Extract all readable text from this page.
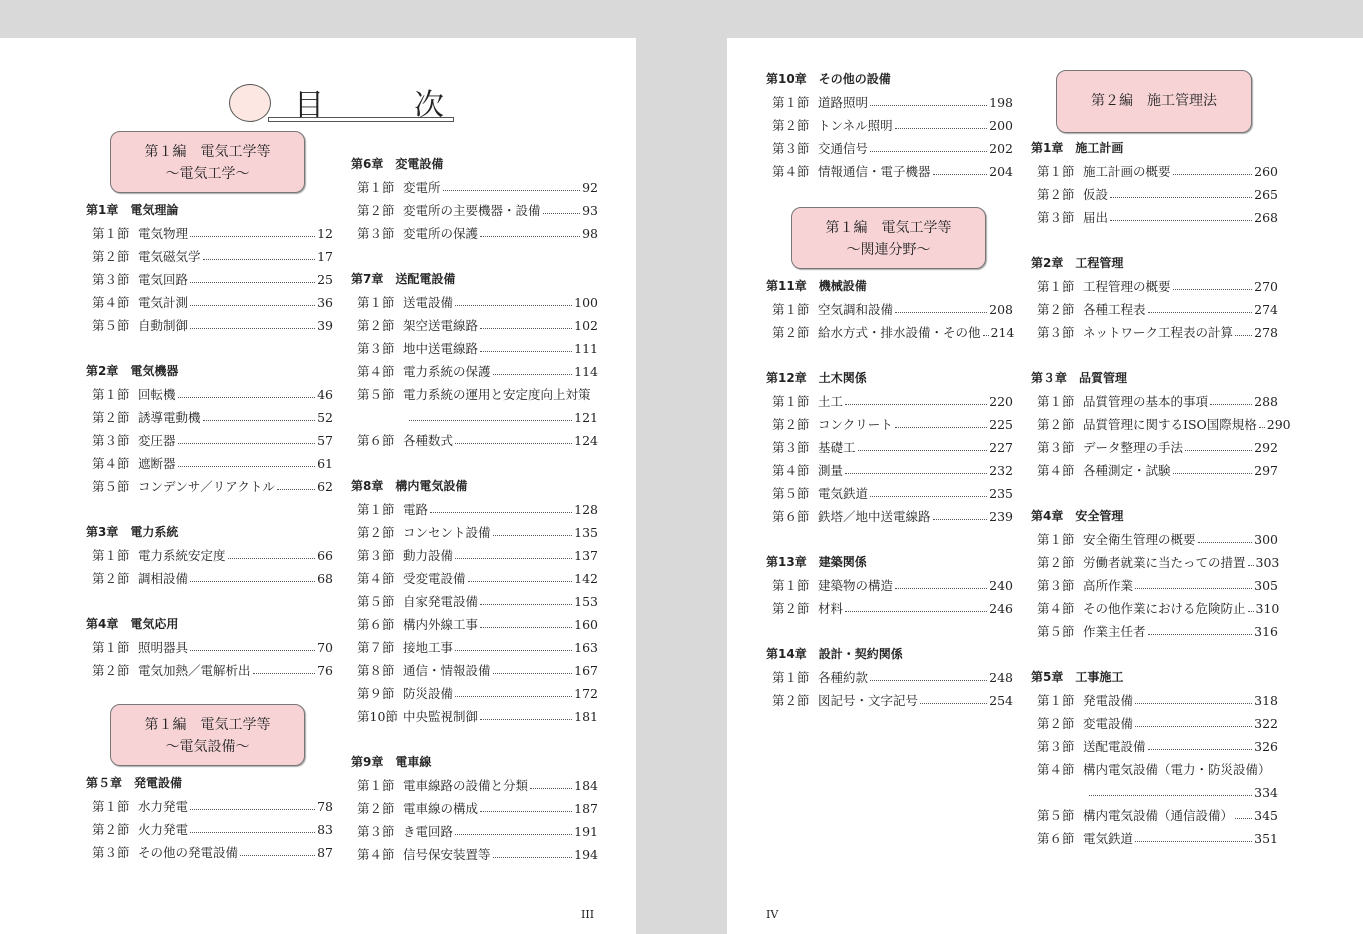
目　次
第１編　電気工学等
～電気工学～
第1章　電気理論
第１節 電気物理	12
第２節 電気磁気学	17
第３節 電気回路	25
第４節 電気計測	36
第５節 自動制御	39
第2章　電気機器
第１節 回転機	46
第２節 誘導電動機	52
第３節 変圧器	57
第４節 遮断器	61
第５節 コンデンサ／リアクトル	62
第3章　電力系統
第１節 電力系統安定度	66
第２節 調相設備	68
第4章　電気応用
第１節 照明器具	70
第２節 電気加熱／電解析出	76
第１編　電気工学等
～電気設備～
第５章　発電設備
第１節 水力発電	78
第２節 火力発電	83
第３節 その他の発電設備	87
第6章　変電設備
第１節 変電所	92
第２節 変電所の主要機器・設備	93
第３節 変電所の保護	98
第7章　送配電設備
第１節 送電設備	100
第２節 架空送電線路	102
第３節 地中送電線路	111
第４節 電力系統の保護	114
第５節 電力系統の運用と安定度向上対策
121
第６節 各種数式	124
第8章　構内電気設備
第１節 電路	128
第２節 コンセント設備	135
第３節 動力設備	137
第４節 受変電設備	142
第５節 自家発電設備	153
第６節 構内外線工事	160
第７節 接地工事	163
第８節 通信・情報設備	167
第９節 防災設備	172
第10節 中央監視制御	181
第9章　電車線
第１節 電車線路の設備と分類	184
第２節 電車線の構成	187
第３節 き電回路	191
第４節 信号保安装置等	194
III
第10章　その他の設備
第１節 道路照明	198
第２節 トンネル照明	200
第３節 交通信号	202
第４節 情報通信・電子機器	204
第１編　電気工学等
～関連分野～
第11章　機械設備
第１節 空気調和設備	208
第２節 給水方式・排水設備・その他 214
第12章　土木関係
第１節 土工	220
第２節 コンクリート	225
第３節 基礎工	227
第４節 測量	232
第５節 電気鉄道	235
第６節 鉄塔／地中送電線路	239
第13章　建築関係
第１節 建築物の構造	240
第２節 材料	246
第14章　設計・契約関係
第１節 各種約款	248
第２節 図記号・文字記号	254
第２編　施工管理法
第1章　施工計画
第１節 施工計画の概要	260
第２節 仮設	265
第３節 届出	268
第2章　工程管理
第１節 工程管理の概要	270
第２節 各種工程表	274
第３節 ネットワーク工程表の計算 278
第３章　品質管理
第１節 品質管理の基本的事項	288
第２節 品質管理に関するISO国際規格 290
第３節 データ整理の手法	292
第４節 各種測定・試験	297
第4章　安全管理
第１節 安全衛生管理の概要	300
第２節 労働者就業に当たっての措置 303
第３節 高所作業	305
第４節 その他作業における危険防止 310
第５節 作業主任者	316
第5章　工事施工
第１節 発電設備	318
第２節 変電設備	322
第３節 送配電設備	326
第４節 構内電気設備（電力・防災設備）
334
第５節 構内電気設備（通信設備） 345
第６節 電気鉄道	351
IV
